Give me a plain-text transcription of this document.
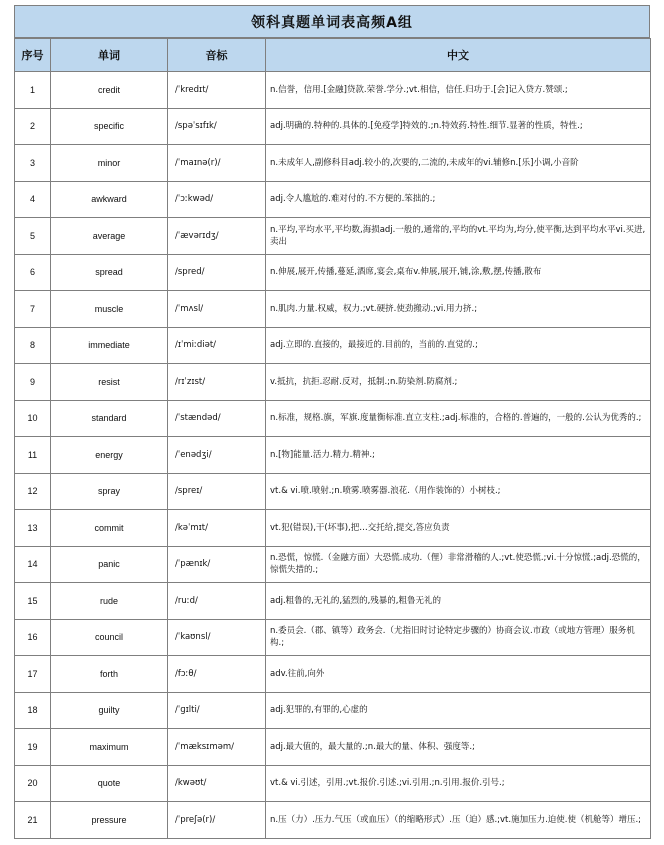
领科真题单词表高频A组
序号	单词	音标	中文
1	credit	/ˈkredɪt/	n.信誉，信用.[金融]贷款.荣誉.学分.;vt.相信，信任.归功于.[会]记入贷方.赞颂.;
2	specific	/spəˈsɪfɪk/	adj.明确的.特种的.具体的.[免疫学]特效的.;n.特效药.特性.细节.显著的性质，特性.;
3	minor	/ˈmaɪnə(r)/	n.未成年人,副修科目adj.较小的,次要的,二流的,未成年的vi.辅修n.[乐]小调,小音阶
4	awkward	/ˈɔːkwəd/	adj.令人尴尬的.难对付的.不方便的.笨拙的.;
5	average	/ˈævərɪdʒ/	n.平均,平均水平,平均数,海损adj.一般的,通常的,平均的vt.平均为,均分,使平衡,达到平均水平vi.买进,卖出
6	spread	/spred/	n.伸展,展开,传播,蔓延,酒席,宴会,桌布v.伸展,展开,铺,涂,敷,摆,传播,散布
7	muscle	/ˈmʌsl/	n.肌肉.力量.权威，权力.;vt.硬挤.使劲搬动.;vi.用力挤.;
8	immediate	/ɪˈmiːdiət/	adj.立即的.直接的，最接近的.目前的，当前的.直觉的.;
9	resist	/rɪˈzɪst/	v.抵抗，抗拒.忍耐.反对，抵制.;n.防染剂.防腐剂.;
10	standard	/ˈstændəd/	n.标准，规格.旗，军旗.度量衡标准.直立支柱.;adj.标准的，合格的.普遍的，一般的.公认为优秀的.;
11	energy	/ˈenədʒi/	n.[物]能量.活力.精力.精神.;
12	spray	/spreɪ/	vt.& vi.喷.喷射.;n.喷雾.喷雾器.浪花.（用作装饰的）小树枝.;
13	commit	/kəˈmɪt/	vt.犯(错误),干(坏事),把…交托给,提交,答应负责
14	panic	/ˈpænɪk/	n.恐慌，惊慌.（金融方面）大恐慌.成功.（俚）非常滑稽的人.;vt.使恐慌.;vi.十分惊慌.;adj.恐慌的，惊慌失措的.;
15	rude	/ruːd/	adj.粗鲁的,无礼的,猛烈的,残暴的,粗鲁无礼的
16	council	/ˈkaʊnsl/	n.委员会.（郡、镇等）政务会.（尤指旧时讨论特定步骤的）协商会议.市政（或地方管理）服务机构.;
17	forth	/fɔːθ/	adv.往前,向外
18	guilty	/ˈɡɪlti/	adj.犯罪的,有罪的,心虚的
19	maximum	/ˈmæksɪməm/	adj.最大值的，最大量的.;n.最大的量、体积、强度等.;
20	quote	/kwəʊt/	vt.& vi.引述，引用.;vt.报价.引述.;vi.引用.;n.引用.报价.引号.;
21	pressure	/ˈpreʃə(r)/	n.压（力）.压力.气压（或血压）（的缩略形式）.压（迫）感.;vt.施加压力.迫使.使（机舱等）增压.;
